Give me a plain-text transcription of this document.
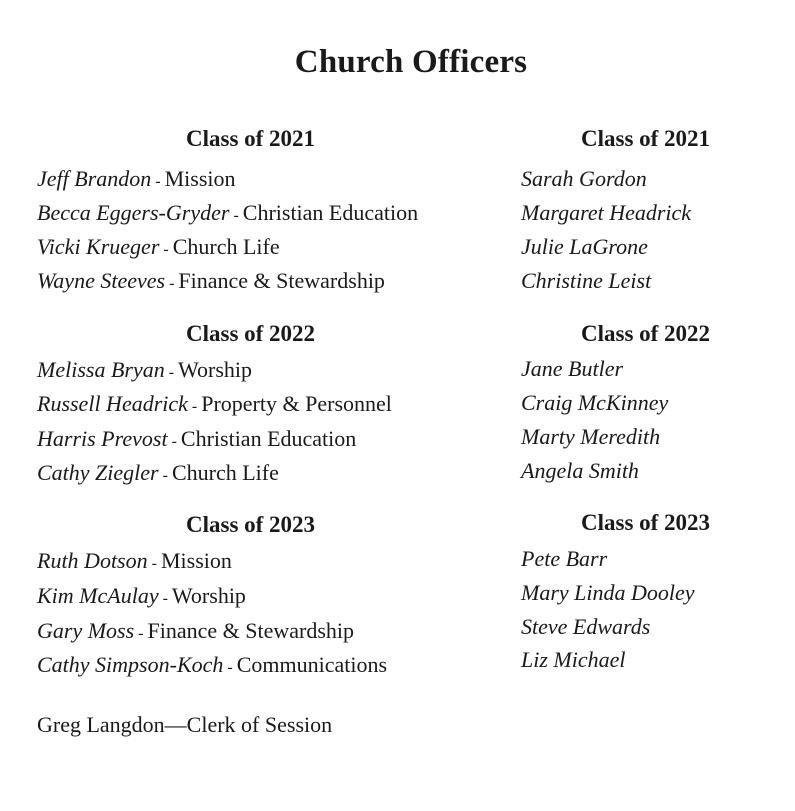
Church Officers
Class of 2021
Jeff Brandon - Mission
Becca Eggers-Gryder - Christian Education
Vicki Krueger - Church Life
Wayne Steeves - Finance & Stewardship
Class of 2022
Melissa Bryan - Worship
Russell Headrick - Property & Personnel
Harris Prevost - Christian Education
Cathy Ziegler - Church Life
Class of 2023
Ruth Dotson - Mission
Kim McAulay - Worship
Gary Moss - Finance & Stewardship
Cathy Simpson-Koch - Communications
Class of 2021
Sarah Gordon
Margaret Headrick
Julie LaGrone
Christine Leist
Class of 2022
Jane Butler
Craig McKinney
Marty Meredith
Angela Smith
Class of 2023
Pete Barr
Mary Linda Dooley
Steve Edwards
Liz Michael
Greg Langdon—Clerk of Session
